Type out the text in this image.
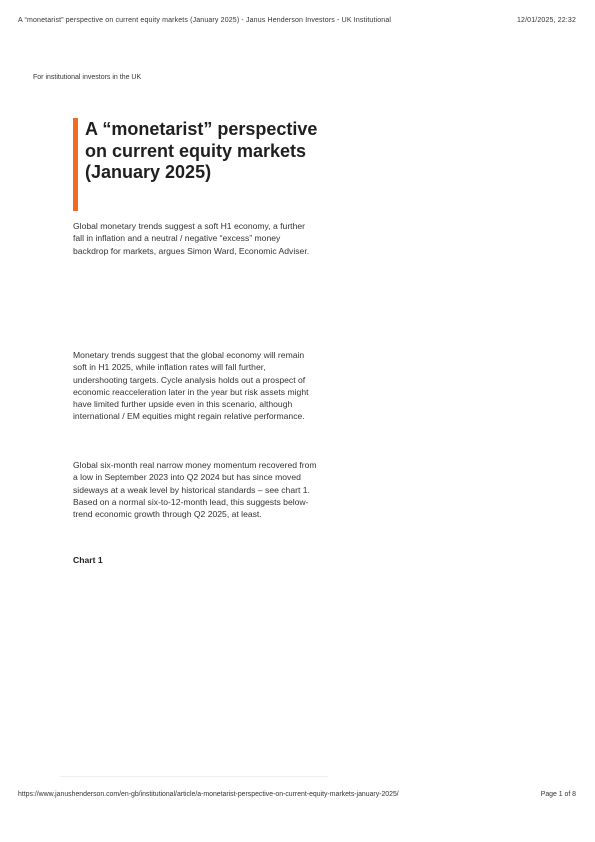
A “monetarist” perspective on current equity markets (January 2025) - Janus Henderson Investors - UK Institutional	12/01/2025, 22:32
For institutional investors in the UK
A “monetarist” perspective on current equity markets (January 2025)

Global monetary trends suggest a soft H1 economy, a further fall in inflation and a neutral / negative “excess” money backdrop for markets, argues Simon Ward, Economic Adviser.

Monetary trends suggest that the global economy will remain soft in H1 2025, while inflation rates will fall further, undershooting targets. Cycle analysis holds out a prospect of economic reacceleration later in the year but risk assets might have limited further upside even in this scenario, although international / EM equities might regain relative performance.

Global six-month real narrow money momentum recovered from a low in September 2023 into Q2 2024 but has since moved sideways at a weak level by historical standards – see chart 1. Based on a normal six-to-12-month lead, this suggests below-trend economic growth through Q2 2025, at least.

Chart 1
https://www.janushenderson.com/en-gb/institutional/article/a-monetarist-perspective-on-current-equity-markets-january-2025/	Page 1 of 8
